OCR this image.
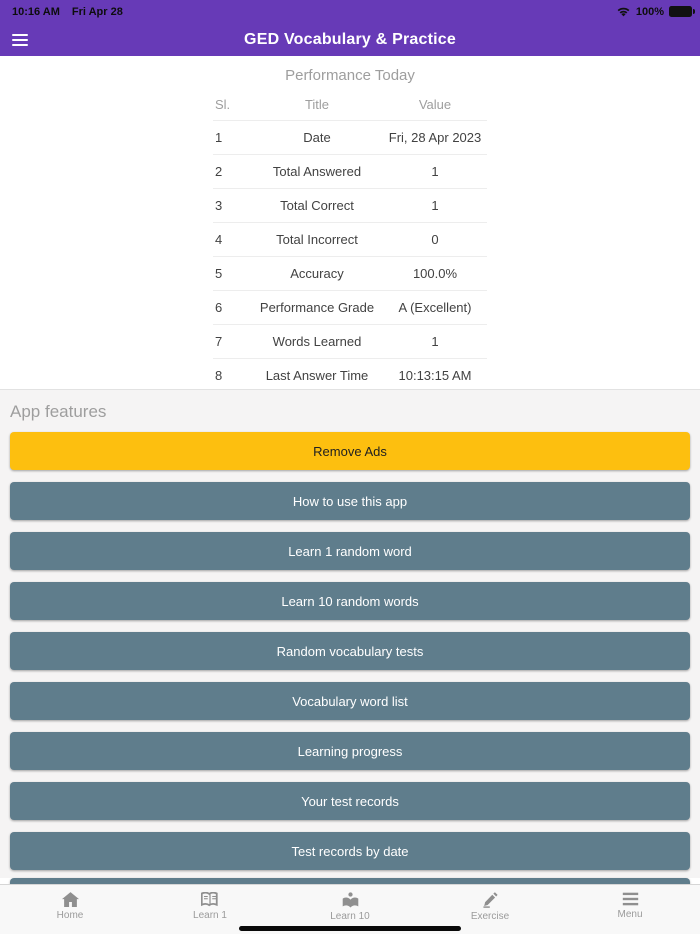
10:16 AM Fri Apr 28	100%
GED Vocabulary & Practice
Performance Today
Sl.	Title	Value
1	Date	Fri, 28 Apr 2023
2	Total Answered	1
3	Total Correct	1
4	Total Incorrect	0
5	Accuracy	100.0%
6	Performance Grade	A (Excellent)
7	Words Learned	1
8	Last Answer Time	10:13:15 AM
App features
Remove Ads
How to use this app
Learn 1 random word
Learn 10 random words
Random vocabulary tests
Vocabulary word list
Learning progress
Your test records
Test records by date
Home	Learn 1	Learn 10	Exercise	Menu
